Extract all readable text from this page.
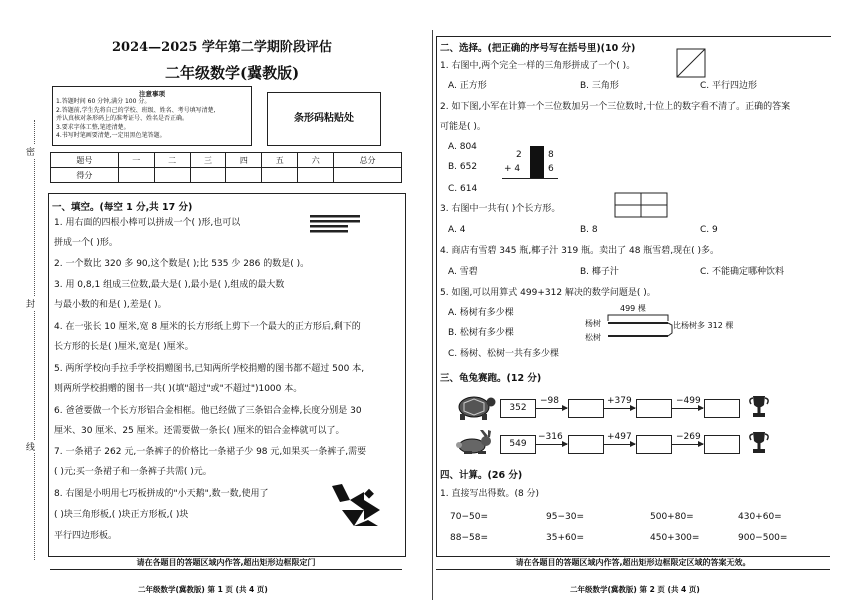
密
封
线
2024—2025 学年第二学期阶段评估
二年级数学(冀教版)
注意事项
1.答题时间 60 分钟,满分 100 分。
2.答题前,学生先将自己的学校、班级、姓名、考号填写清楚,
并认真核对条形码上的准考证号、姓名是否正确。
3.要求字体工整,笔迹清楚。
4.书写时笔画要清楚,一定用黑色笔答题。
条形码粘贴处
题号	一	二	三	四	五	六	总分
得分							
一、填空。(每空 1 分,共 17 分)
1. 用右面的四根小棒可以拼成一个( )形,也可以
拼成一个( )形。
2. 一个数比 320 多 90,这个数是( );比 535 少 286 的数是( )。
3. 用 0,8,1 组成三位数,最大是( ),最小是( ),组成的最大数
与最小数的和是( ),差是( )。
4. 在一张长 10 厘米,宽 8 厘米的长方形纸上剪下一个最大的正方形后,剩下的
长方形的长是( )厘米,宽是( )厘米。
5. 两所学校向手拉手学校捐赠图书,已知两所学校捐赠的图书都不超过 500 本,
则两所学校捐赠的图书一共( )(填"超过"或"不超过")1000 本。
6. 爸爸要做一个长方形铝合金相框。他已经做了三条铝合金棒,长度分别是 30
厘米、30 厘米、25 厘米。还需要做一条长( )厘米的铝合金棒就可以了。
7. 一条裙子 262 元,一条裤子的价格比一条裙子少 98 元,如果买一条裤子,需要
( )元;买一条裙子和一条裤子共需( )元。
8. 右图是小明用七巧板拼成的"小天鹅",数一数,使用了
( )块三角形板,( )块正方形板,( )块
平行四边形板。
请在各题目的答题区域内作答,超出矩形边框限定门
二年级数学(冀教版) 第 1 页 (共 4 页)
二、选择。(把正确的序号写在括号里)(10 分)
1. 右图中,两个完全一样的三角形拼成了一个( )。
A. 正方形	B. 三角形	C. 平行四边形
2. 如下图,小军在计算一个三位数加另一个三位数时,十位上的数字看不清了。正确的答案
可能是( )。
A. 804
B. 652
C. 614
2	8
+ 4	6
3. 右图中一共有( )个长方形。
A. 4	B. 8	C. 9
4. 商店有雪碧 345 瓶,椰子汁 319 瓶。卖出了 48 瓶雪碧,现在( )多。
A. 雪碧	B. 椰子汁	C. 不能确定哪种饮料
5. 如图,可以用算式 499+312 解决的数学问题是( )。
A. 杨树有多少棵
B. 松树有多少棵
C. 杨树、松树一共有多少棵
499 棵
杨树
松树
比杨树多 312 棵
三、龟兔赛跑。(12 分)
352
−98	+379	−499
549
−316	+497	−269
四、计算。(26 分)
1. 直接写出得数。(8 分)
70−50=	95−30=	500+80=	430+60=
88−58=	35+60=	450+300=	900−500=
请在各题目的答题区域内作答,超出矩形边框限定区域的答案无效。
二年级数学(冀教版) 第 2 页 (共 4 页)
